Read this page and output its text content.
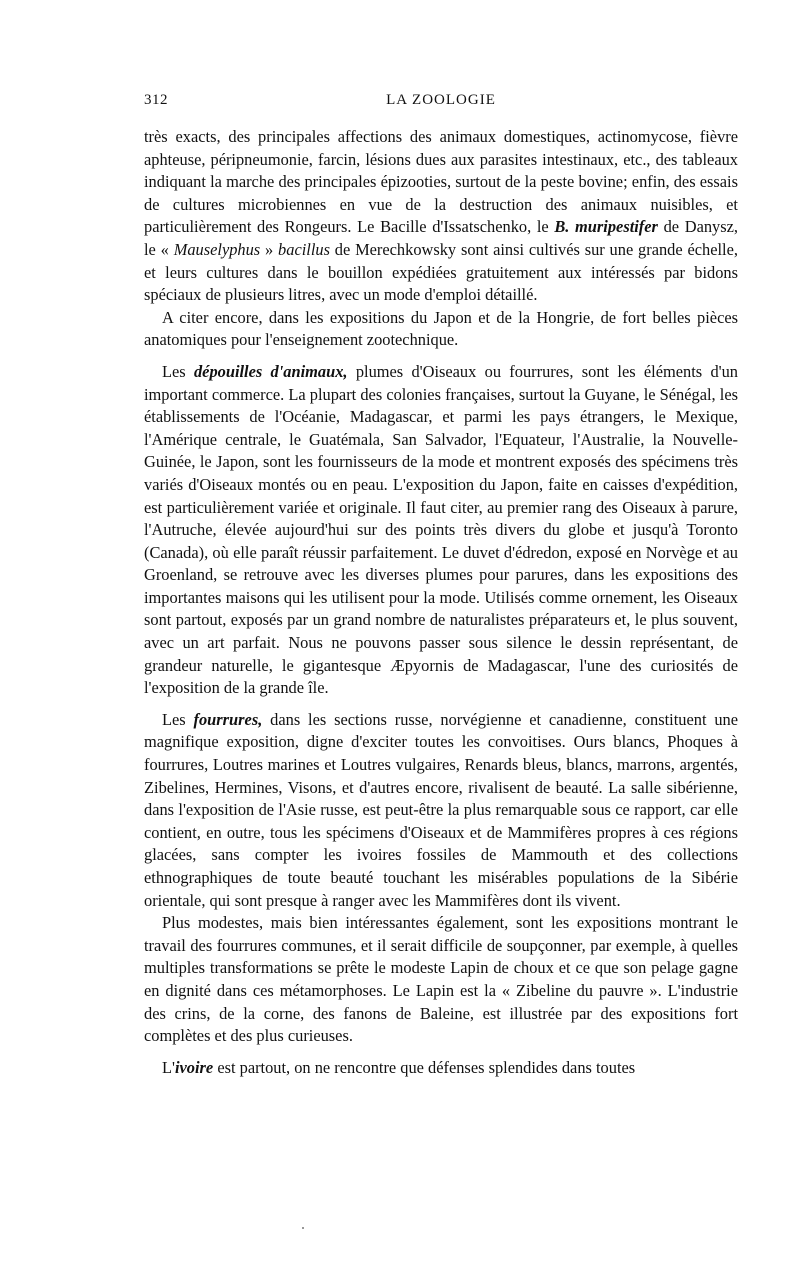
312	LA ZOOLOGIE

très exacts, des principales affections des animaux domestiques, actinomycose, fièvre aphteuse, péripneumonie, farcin, lésions dues aux parasites intestinaux, etc., des tableaux indiquant la marche des principales épizooties, surtout de la peste bovine; enfin, des essais de cultures microbiennes en vue de la destruction des animaux nuisibles, et particulièrement des Rongeurs. Le Bacille d'Issatschenko, le B. muripestifer de Danysz, le « Mauselyphus » bacillus de Merechkowsky sont ainsi cultivés sur une grande échelle, et leurs cultures dans le bouillon expédiées gratuitement aux intéressés par bidons spéciaux de plusieurs litres, avec un mode d'emploi détaillé.

A citer encore, dans les expositions du Japon et de la Hongrie, de fort belles pièces anatomiques pour l'enseignement zootechnique.

Les dépouilles d'animaux, plumes d'Oiseaux ou fourrures, sont les éléments d'un important commerce. La plupart des colonies françaises, surtout la Guyane, le Sénégal, les établissements de l'Océanie, Madagascar, et parmi les pays étrangers, le Mexique, l'Amérique centrale, le Guatémala, San Salvador, l'Equateur, l'Australie, la Nouvelle-Guinée, le Japon, sont les fournisseurs de la mode et montrent exposés des spécimens très variés d'Oiseaux montés ou en peau. L'exposition du Japon, faite en caisses d'expédition, est particulièrement variée et originale. Il faut citer, au premier rang des Oiseaux à parure, l'Autruche, élevée aujourd'hui sur des points très divers du globe et jusqu'à Toronto (Canada), où elle paraît réussir parfaitement. Le duvet d'édredon, exposé en Norvège et au Groenland, se retrouve avec les diverses plumes pour parures, dans les expositions des importantes maisons qui les utilisent pour la mode. Utilisés comme ornement, les Oiseaux sont partout, exposés par un grand nombre de naturalistes préparateurs et, le plus souvent, avec un art parfait. Nous ne pouvons passer sous silence le dessin représentant, de grandeur naturelle, le gigantesque Æpyornis de Madagascar, l'une des curiosités de l'exposition de la grande île.

Les fourrures, dans les sections russe, norvégienne et canadienne, constituent une magnifique exposition, digne d'exciter toutes les convoitises. Ours blancs, Phoques à fourrures, Loutres marines et Loutres vulgaires, Renards bleus, blancs, marrons, argentés, Zibelines, Hermines, Visons, et d'autres encore, rivalisent de beauté. La salle sibérienne, dans l'exposition de l'Asie russe, est peut-être la plus remarquable sous ce rapport, car elle contient, en outre, tous les spécimens d'Oiseaux et de Mammifères propres à ces régions glacées, sans compter les ivoires fossiles de Mammouth et des collections ethnographiques de toute beauté touchant les misérables populations de la Sibérie orientale, qui sont presque à ranger avec les Mammifères dont ils vivent.

Plus modestes, mais bien intéressantes également, sont les expositions montrant le travail des fourrures communes, et il serait difficile de soupçonner, par exemple, à quelles multiples transformations se prête le modeste Lapin de choux et ce que son pelage gagne en dignité dans ces métamorphoses. Le Lapin est la « Zibeline du pauvre ». L'industrie des crins, de la corne, des fanons de Baleine, est illustrée par des expositions fort complètes et des plus curieuses.

L'ivoire est partout, on ne rencontre que défenses splendides dans toutes
